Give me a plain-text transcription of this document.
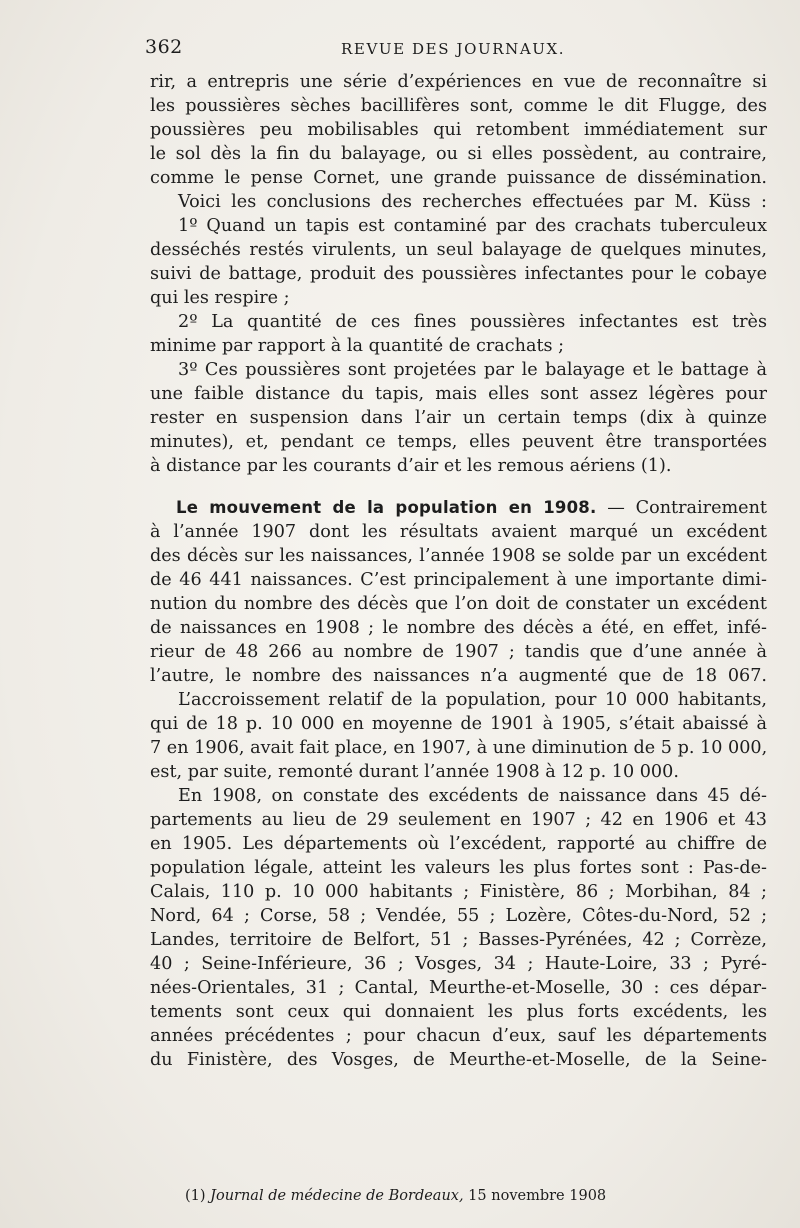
362	REVUE DES JOURNAUX.
rir, a entrepris une série d’expériences en vue de reconnaître si
les poussières sèches bacillifères sont, comme le dit Flugge, des
poussières peu mobilisables qui retombent immédiatement sur
le sol dès la fin du balayage, ou si elles possèdent, au contraire,
comme le pense Cornet, une grande puissance de dissémination.
Voici les conclusions des recherches effectuées par M. Küss :
1º Quand un tapis est contaminé par des crachats tuberculeux
desséchés restés virulents, un seul balayage de quelques minutes,
suivi de battage, produit des poussières infectantes pour le cobaye
qui les respire ;
2º La quantité de ces fines poussières infectantes est très
minime par rapport à la quantité de crachats ;
3º Ces poussières sont projetées par le balayage et le battage à
une faible distance du tapis, mais elles sont assez légères pour
rester en suspension dans l’air un certain temps (dix à quinze
minutes), et, pendant ce temps, elles peuvent être transportées
à distance par les courants d’air et les remous aériens (1).
Le mouvement de la population en 1908. — Contrairement
à l’année 1907 dont les résultats avaient marqué un excédent
des décès sur les naissances, l’année 1908 se solde par un excédent
de 46 441 naissances. C’est principalement à une importante dimi-
nution du nombre des décès que l’on doit de constater un excédent
de naissances en 1908 ; le nombre des décès a été, en effet, infé-
rieur de 48 266 au nombre de 1907 ; tandis que d’une année à
l’autre, le nombre des naissances n’a augmenté que de 18 067.
L’accroissement relatif de la population, pour 10 000 habitants,
qui de 18 p. 10 000 en moyenne de 1901 à 1905, s’était abaissé à
7 en 1906, avait fait place, en 1907, à une diminution de 5 p. 10 000,
est, par suite, remonté durant l’année 1908 à 12 p. 10 000.
En 1908, on constate des excédents de naissance dans 45 dé-
partements au lieu de 29 seulement en 1907 ; 42 en 1906 et 43
en 1905. Les départements où l’excédent, rapporté au chiffre de
population légale, atteint les valeurs les plus fortes sont : Pas-de-
Calais, 110 p. 10 000 habitants ; Finistère, 86 ; Morbihan, 84 ;
Nord, 64 ; Corse, 58 ; Vendée, 55 ; Lozère, Côtes-du-Nord, 52 ;
Landes, territoire de Belfort, 51 ; Basses-Pyrénées, 42 ; Corrèze,
40 ; Seine-Inférieure, 36 ; Vosges, 34 ; Haute-Loire, 33 ; Pyré-
nées-Orientales, 31 ; Cantal, Meurthe-et-Moselle, 30 : ces dépar-
tements sont ceux qui donnaient les plus forts excédents, les
années précédentes ; pour chacun d’eux, sauf les départements
du Finistère, des Vosges, de Meurthe-et-Moselle, de la Seine-
(1) Journal de médecine de Bordeaux, 15 novembre 1908
